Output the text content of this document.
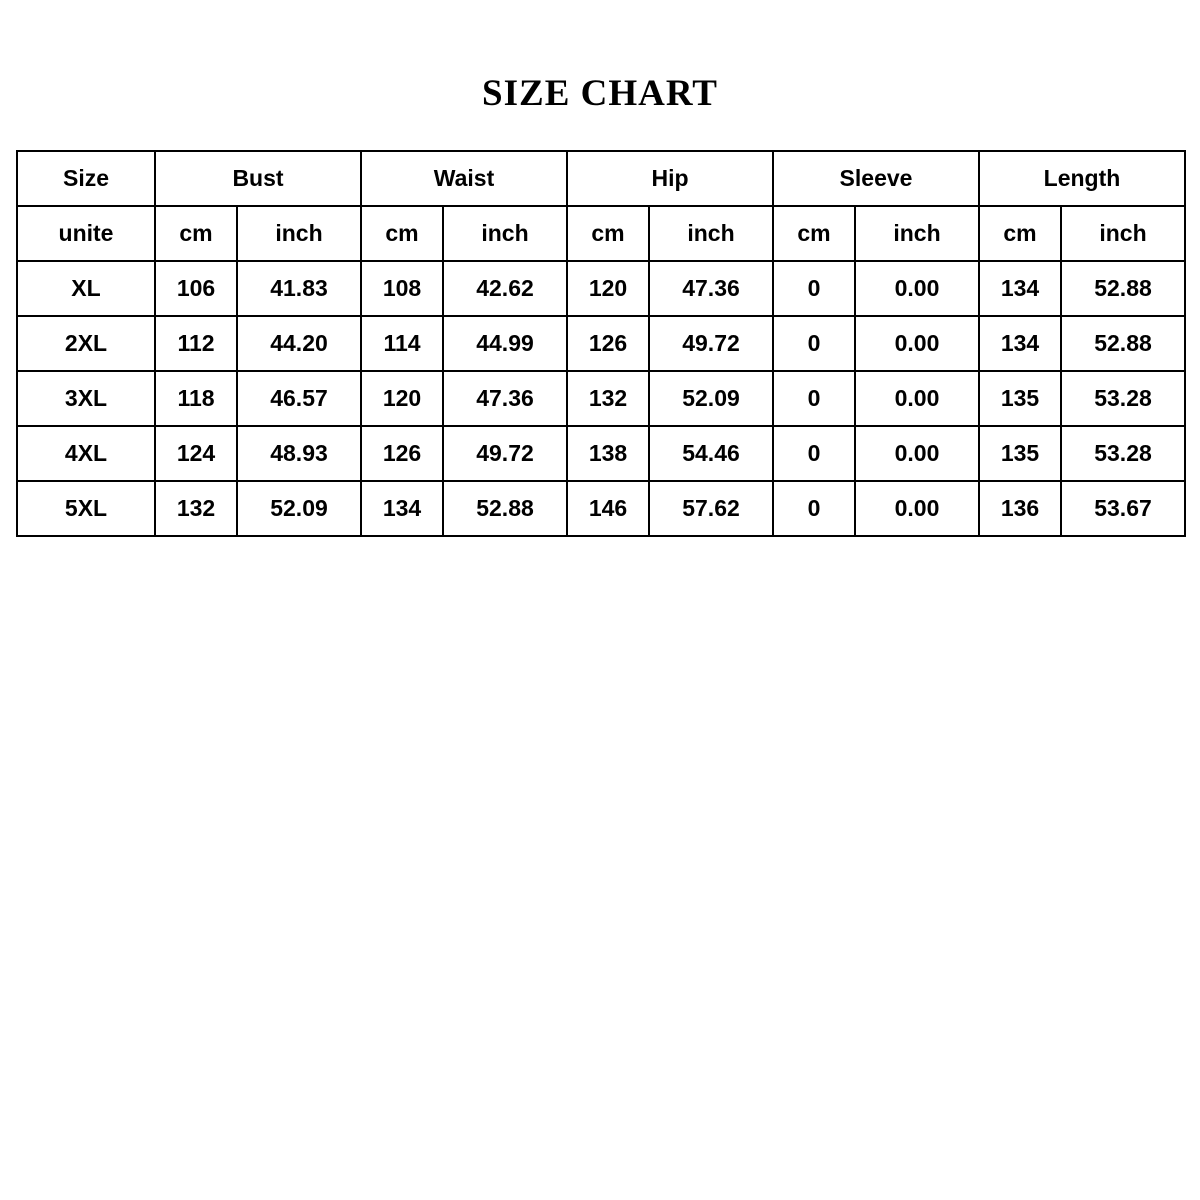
SIZE CHART
Size	Bust		Waist		Hip		Sleeve		Length	
unite	cm	inch	cm	inch	cm	inch	cm	inch	cm	inch
XL	106	41.83	108	42.62	120	47.36	0	0.00	134	52.88
2XL	112	44.20	114	44.99	126	49.72	0	0.00	134	52.88
3XL	118	46.57	120	47.36	132	52.09	0	0.00	135	53.28
4XL	124	48.93	126	49.72	138	54.46	0	0.00	135	53.28
5XL	132	52.09	134	52.88	146	57.62	0	0.00	136	53.67
